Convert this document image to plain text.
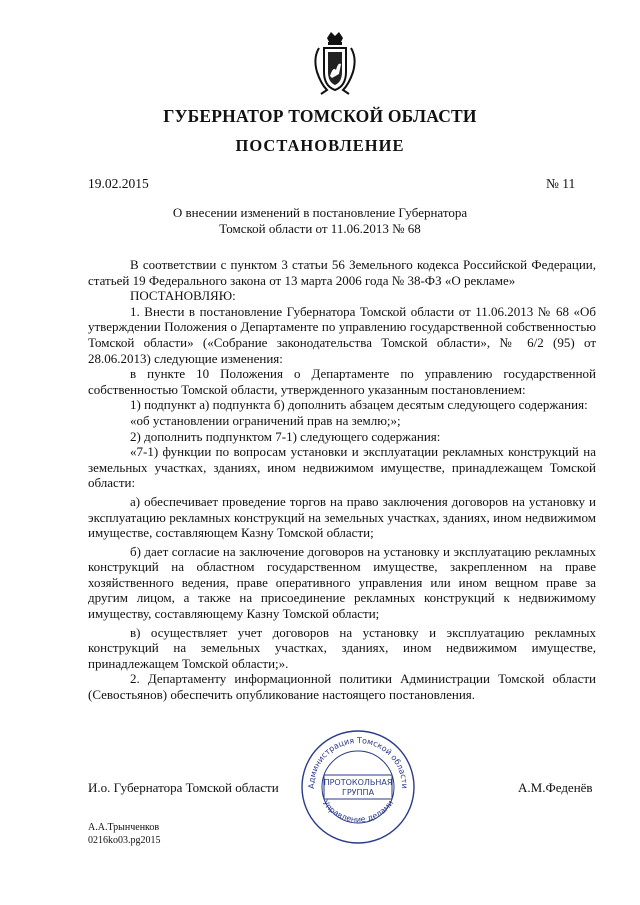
ГУБЕРНАТОР ТОМСКОЙ ОБЛАСТИ
ПОСТАНОВЛЕНИЕ
19.02.2015	№ 11
О внесении изменений в постановление Губернатора
Томской области от 11.06.2013 № 68

В соответствии с пунктом 3 статьи 56 Земельного кодекса Российской Федерации, статьей 19 Федерального закона от 13 марта 2006 года № 38-ФЗ «О рекламе»

ПОСТАНОВЛЯЮ:

1. Внести в постановление Губернатора Томской области от 11.06.2013 № 68 «Об утверждении Положения о Департаменте по управлению государственной собственностью Томской области» («Собрание законодательства Томской области», № 6/2 (95) от 28.06.2013) следующие изменения:

в пункте 10 Положения о Департаменте по управлению государственной собственностью Томской области, утвержденного указанным постановлением:

1) подпункт а) подпункта б) дополнить абзацем десятым следующего содержания:

«об установлении ограничений прав на землю;»;

2) дополнить подпунктом 7-1) следующего содержания:

«7-1) функции по вопросам установки и эксплуатации рекламных конструкций на земельных участках, зданиях, ином недвижимом имуществе, принадлежащем Томской области:

а) обеспечивает проведение торгов на право заключения договоров на установку и эксплуатацию рекламных конструкций на земельных участках, зданиях, ином недвижимом имуществе, составляющем Казну Томской области;

б) дает согласие на заключение договоров на установку и эксплуатацию рекламных конструкций на областном государственном имуществе, закрепленном на праве хозяйственного ведения, праве оперативного управления или ином вещном праве за другим лицом, а также на присоединение рекламных конструкций к недвижимому имуществу, составляющему Казну Томской области;

в) осуществляет учет договоров на установку и эксплуатацию рекламных конструкций на земельных участках, зданиях, ином недвижимом имуществе, принадлежащем Томской области;».

2. Департаменту информационной политики Администрации Томской области (Севостьянов) обеспечить опубликование настоящего постановления.

И.о. Губернатора Томской области	А.М.Феденёв
Администрация Томской области
Управление делами
ПРОТОКОЛЬНАЯ
ГРУППА
А.А.Трынченков
0216ko03.pg2015
